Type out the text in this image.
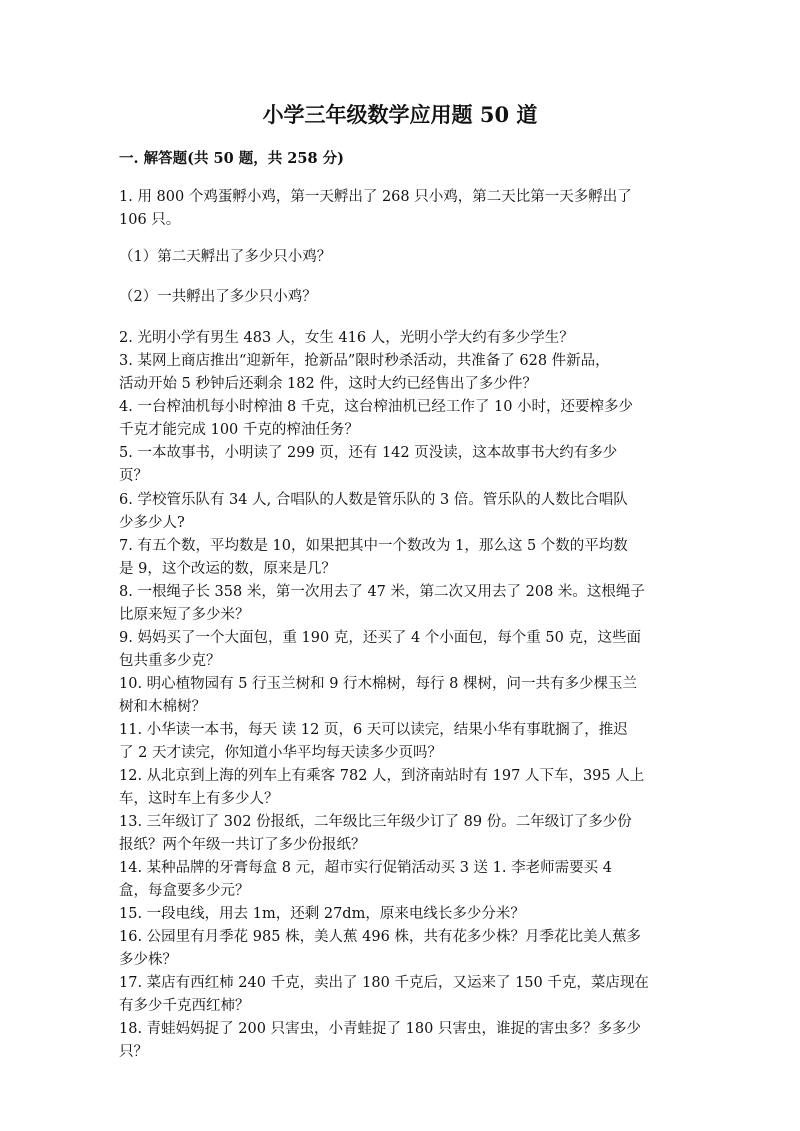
小学三年级数学应用题 50 道

一. 解答题(共 50 题，共 258 分)

1. 用 800 个鸡蛋孵小鸡，第一天孵出了 268 只小鸡，第二天比第一天多孵出了

106 只。

（1）第二天孵出了多少只小鸡？

（2）一共孵出了多少只小鸡？

2. 光明小学有男生 483 人，女生 416 人，光明小学大约有多少学生？

3. 某网上商店推出“迎新年，抢新品”限时秒杀活动，共准备了 628 件新品，

活动开始 5 秒钟后还剩余 182 件，这时大约已经售出了多少件？

4. 一台榨油机每小时榨油 8 千克，这台榨油机已经工作了 10 小时，还要榨多少

千克才能完成 100 千克的榨油任务？

5. 一本故事书，小明读了 299 页，还有 142 页没读，这本故事书大约有多少

页？

6. 学校管乐队有 34 人, 合唱队的人数是管乐队的 3 倍。管乐队的人数比合唱队

少多少人?

7. 有五个数，平均数是 10，如果把其中一个数改为 1，那么这 5 个数的平均数

是 9，这个改运的数，原来是几？

8. 一根绳子长 358 米，第一次用去了 47 米，第二次又用去了 208 米。这根绳子

比原来短了多少米？

9. 妈妈买了一个大面包，重 190 克，还买了 4 个小面包，每个重 50 克，这些面

包共重多少克？

10. 明心植物园有 5 行玉兰树和 9 行木棉树，每行 8 棵树，问一共有多少棵玉兰

树和木棉树？

11. 小华读一本书，每天 读 12 页，6 天可以读完，结果小华有事耽搁了，推迟

了 2 天才读完，你知道小华平均每天读多少页吗？

12. 从北京到上海的列车上有乘客 782 人，到济南站时有 197 人下车，395 人上

车，这时车上有多少人？

13. 三年级订了 302 份报纸，二年级比三年级少订了 89 份。二年级订了多少份

报纸？两个年级一共订了多少份报纸？

14. 某种品牌的牙膏每盒 8 元，超市实行促销活动买 3 送 1. 李老师需要买 4

盒，每盒要多少元？

15. 一段电线，用去 1m，还剩 27dm，原来电线长多少分米？

16. 公园里有月季花 985 株，美人蕉 496 株，共有花多少株？月季花比美人蕉多

多少株？

17. 菜店有西红柿 240 千克，卖出了 180 千克后，又运来了 150 千克，菜店现在

有多少千克西红柿？

18. 青蛙妈妈捉了 200 只害虫，小青蛙捉了 180 只害虫，谁捉的害虫多？多多少

只？
